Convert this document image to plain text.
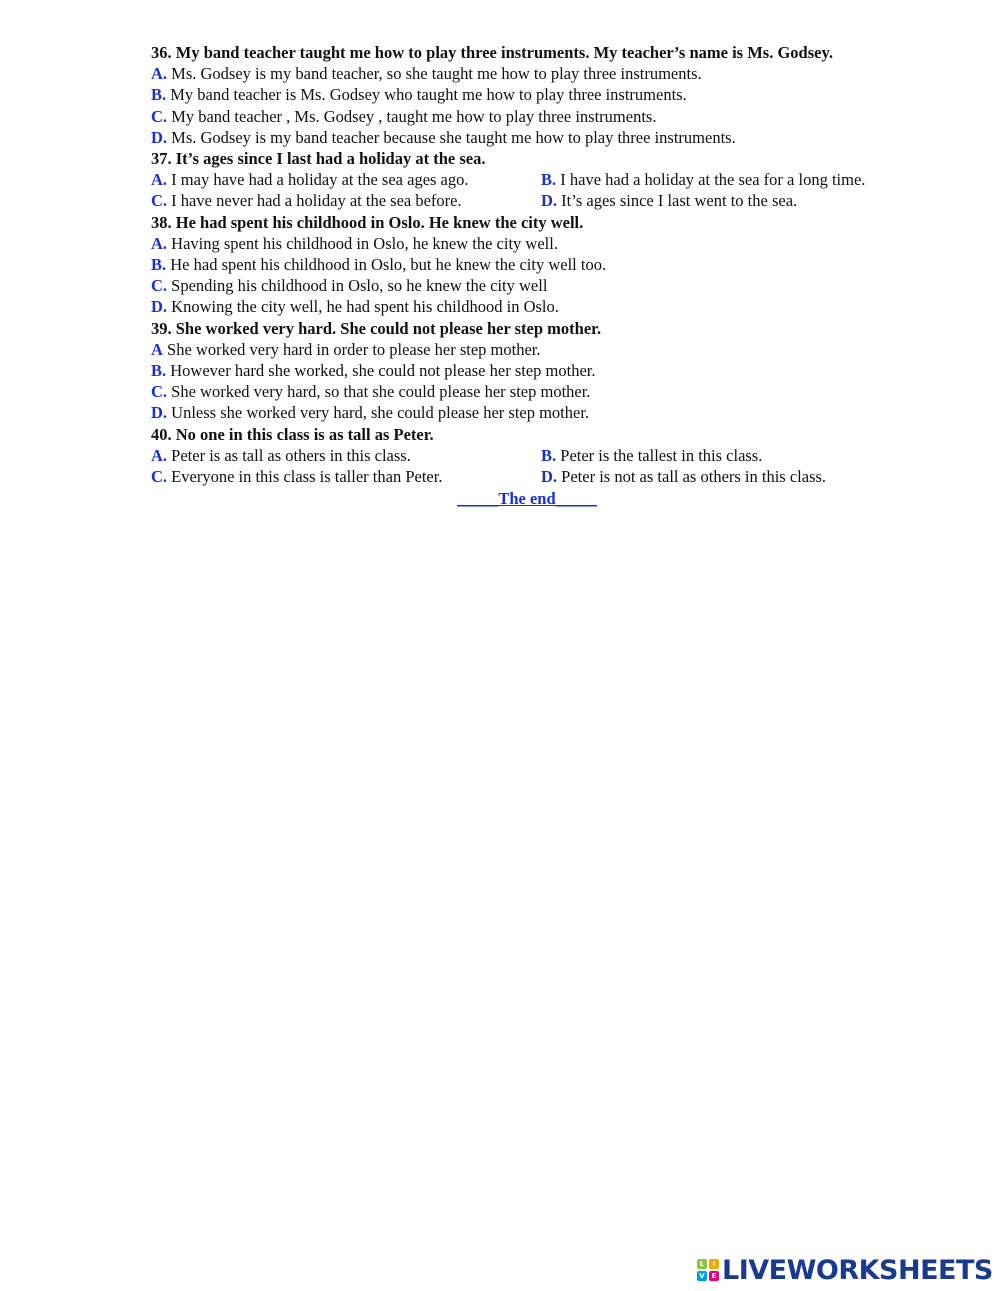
36. My band teacher taught me how to play three instruments. My teacher’s name is Ms. Godsey.
A. Ms. Godsey is my band teacher, so she taught me how to play three instruments.
B. My band teacher is Ms. Godsey who taught me how to play three instruments.
C. My band teacher , Ms. Godsey , taught me how to play three instruments.
D. Ms. Godsey is my band teacher because she taught me how to play three instruments.
37. It’s ages since I last had a holiday at the sea.
A. I may have had a holiday at the sea ages ago.	B. I have had a holiday at the sea for a long time.
C. I have never had a holiday at the sea before.	D. It’s ages since I last went to the sea.
38. He had spent his childhood in Oslo. He knew the city well.
A. Having spent his childhood in Oslo, he knew the city well.
B. He had spent his childhood in Oslo, but he knew the city well too.
C. Spending his childhood in Oslo, so he knew the city well
D. Knowing the city well, he had spent his childhood in Oslo.
39. She worked very hard. She could not please her step mother.
A She worked very hard in order to please her step mother.
B. However hard she worked, she could not please her step mother.
C. She worked very hard, so that she could please her step mother.
D. Unless she worked very hard, she could please her step mother.
40. No one in this class is as tall as Peter.
A. Peter is as tall as others in this class.	B. Peter is the tallest in this class.
C. Everyone in this class is taller than Peter.	D. Peter is not as tall as others in this class.
_____The end_____
L	I
V E LIVEWORKSHEETS
